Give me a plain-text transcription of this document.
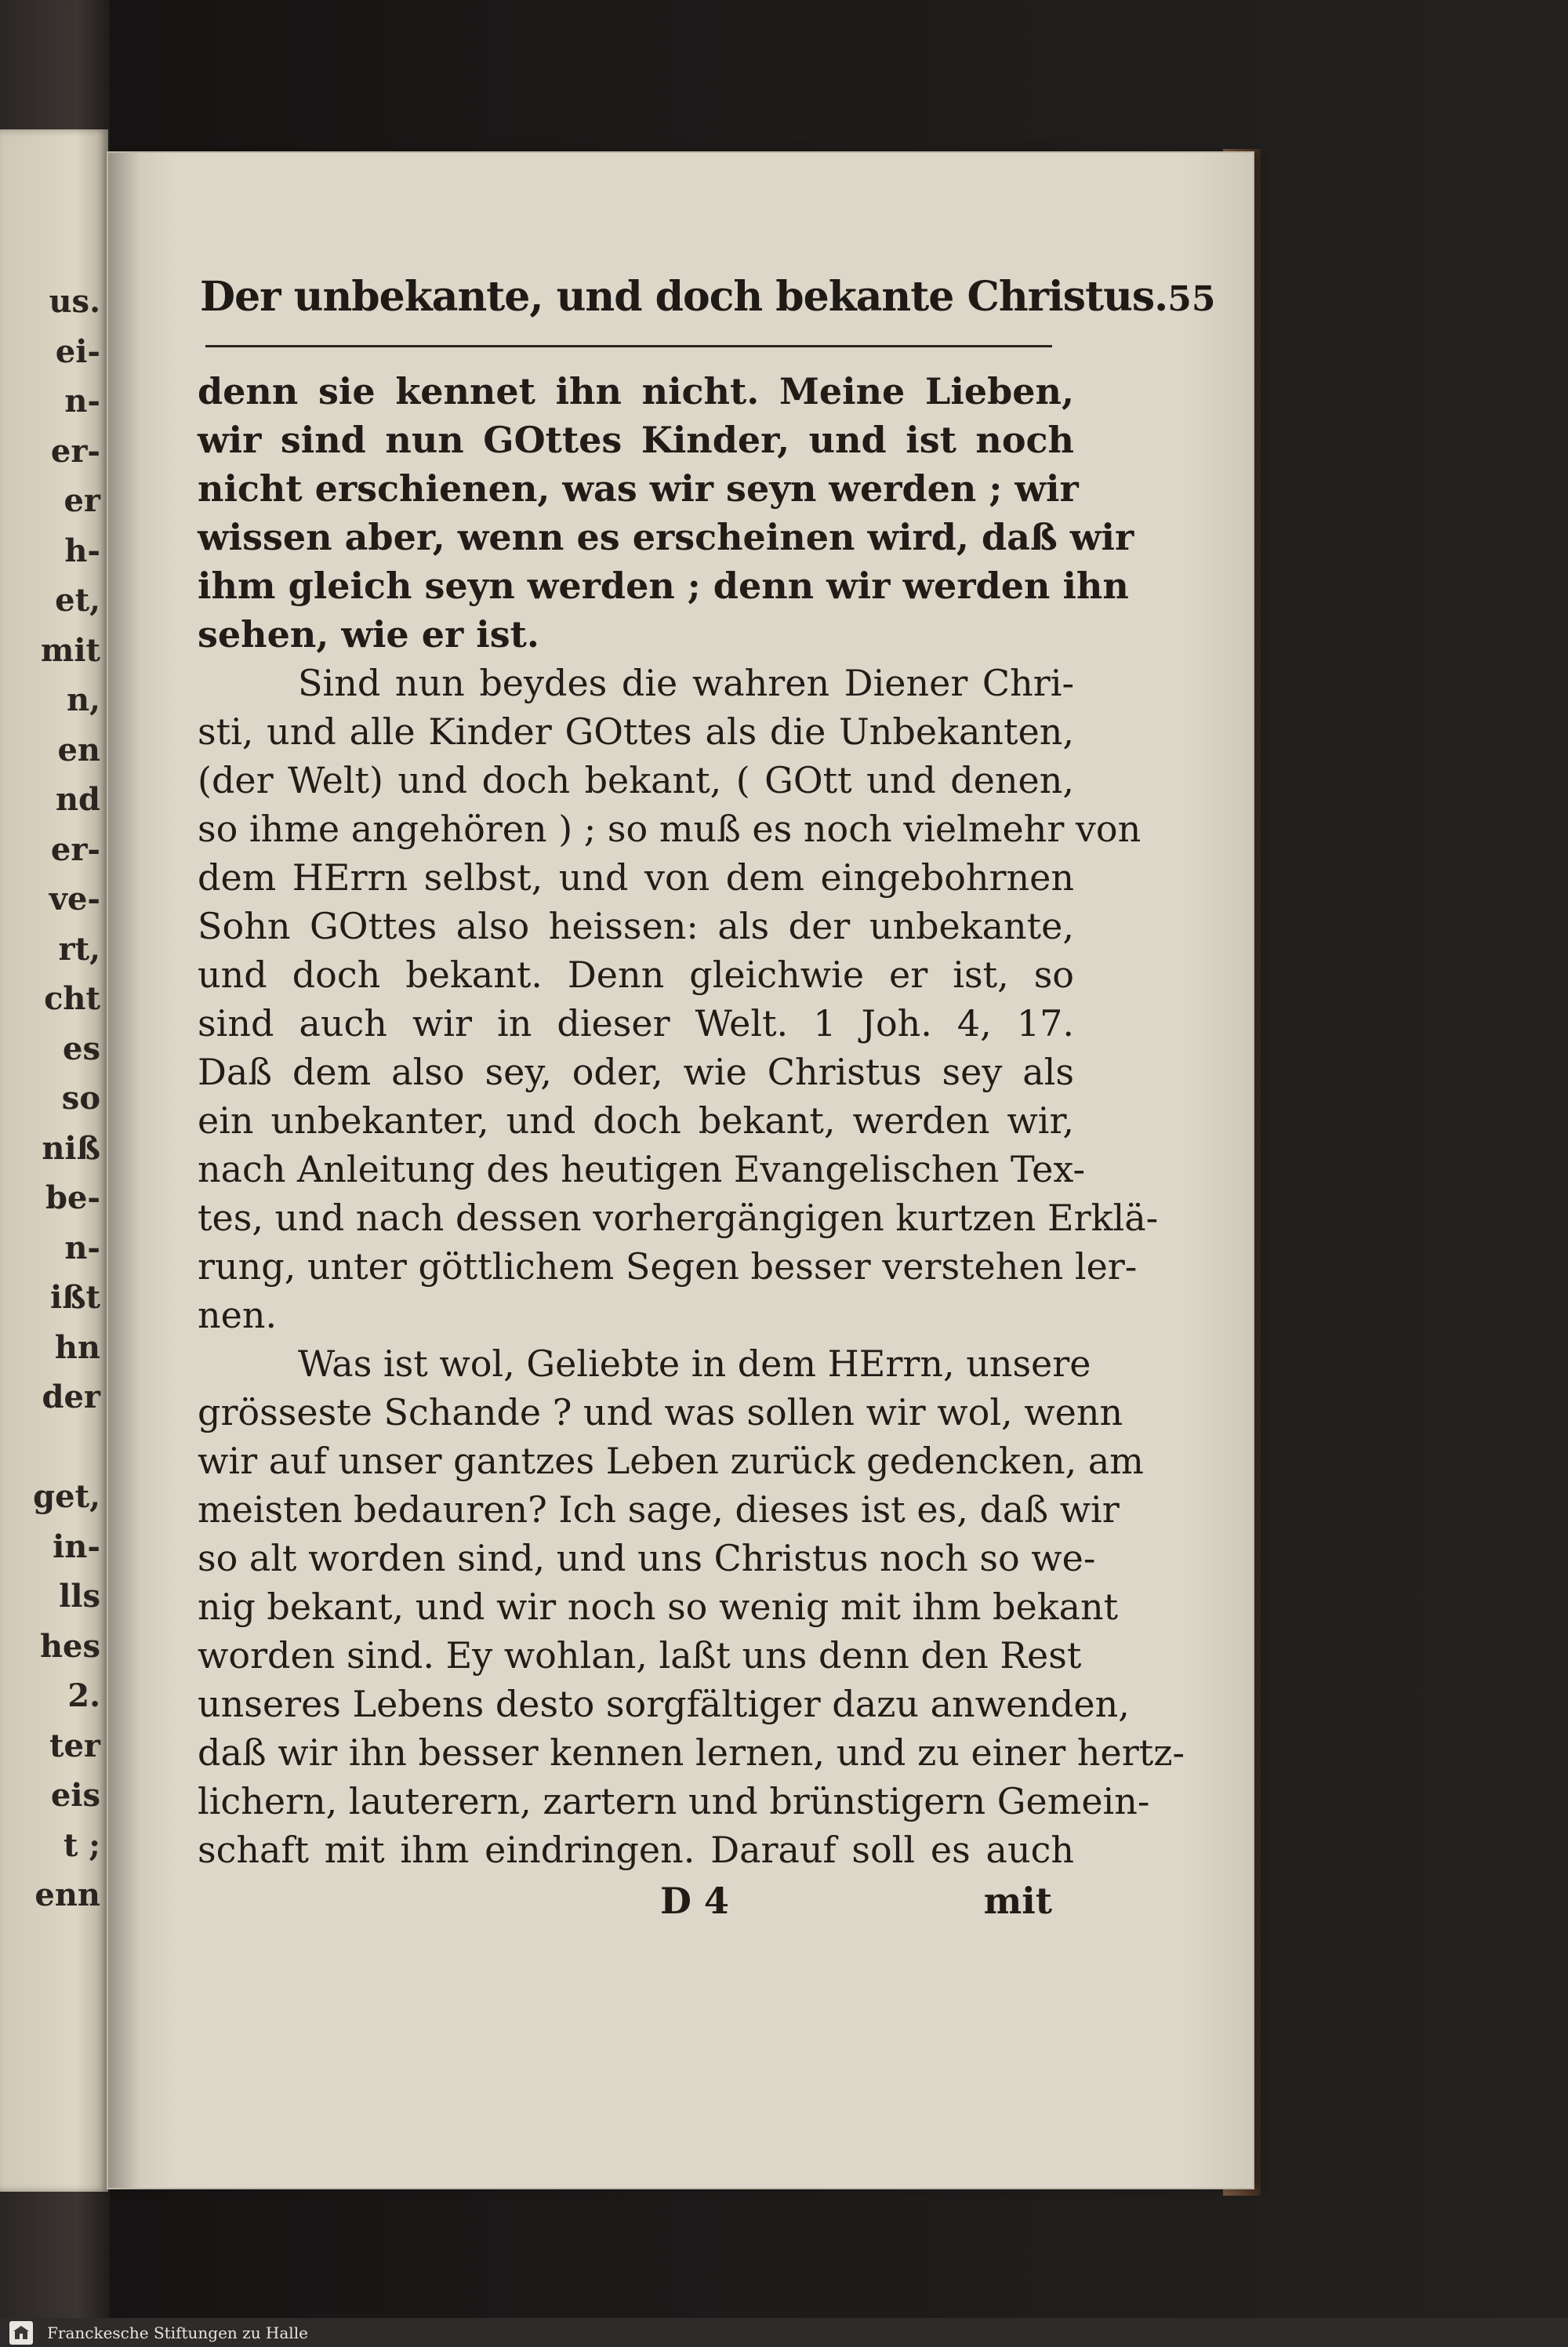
us.
ei-
n-
er-
er
h-
et,
mit
n,
en
nd
er-
ve-
rt,
cht
es
so
niß
be-
n-
ißt
hn
der
get,
in-
lls
hes
2.
ter
eis
t ;
enn
Der unbekante, und doch bekante Christus. 55
denn sie kennet ihn nicht. Meine Lieben,
wir sind nun GOttes Kinder, und ist noch
nicht erschienen, was wir seyn werden ; wir
wissen aber, wenn es erscheinen wird, daß wir
ihm gleich seyn werden ; denn wir werden ihn
sehen, wie er ist.
Sind nun beydes die wahren Diener Chri-
sti, und alle Kinder GOttes als die Unbekanten,
(der Welt) und doch bekant, ( GOtt und denen,
so ihme angehören ) ; so muß es noch vielmehr von
dem HErrn selbst, und von dem eingebohrnen
Sohn GOttes also heissen: als der unbekante,
und doch bekant. Denn gleichwie er ist, so
sind auch wir in dieser Welt. 1 Joh. 4, 17.
Daß dem also sey, oder, wie Christus sey als
ein unbekanter, und doch bekant, werden wir,
nach Anleitung des heutigen Evangelischen Tex-
tes, und nach dessen vorhergängigen kurtzen Erklä-
rung, unter göttlichem Segen besser verstehen ler-
nen.
Was ist wol, Geliebte in dem HErrn, unsere
grösseste Schande ? und was sollen wir wol, wenn
wir auf unser gantzes Leben zurück gedencken, am
meisten bedauren? Ich sage, dieses ist es, daß wir
so alt worden sind, und uns Christus noch so we-
nig bekant, und wir noch so wenig mit ihm bekant
worden sind. Ey wohlan, laßt uns denn den Rest
unseres Lebens desto sorgfältiger dazu anwenden,
daß wir ihn besser kennen lernen, und zu einer hertz-
lichern, lauterern, zartern und brünstigern Gemein-
schaft mit ihm eindringen. Darauf soll es auch
D 4	mit
Franckesche Stiftungen zu Halle
